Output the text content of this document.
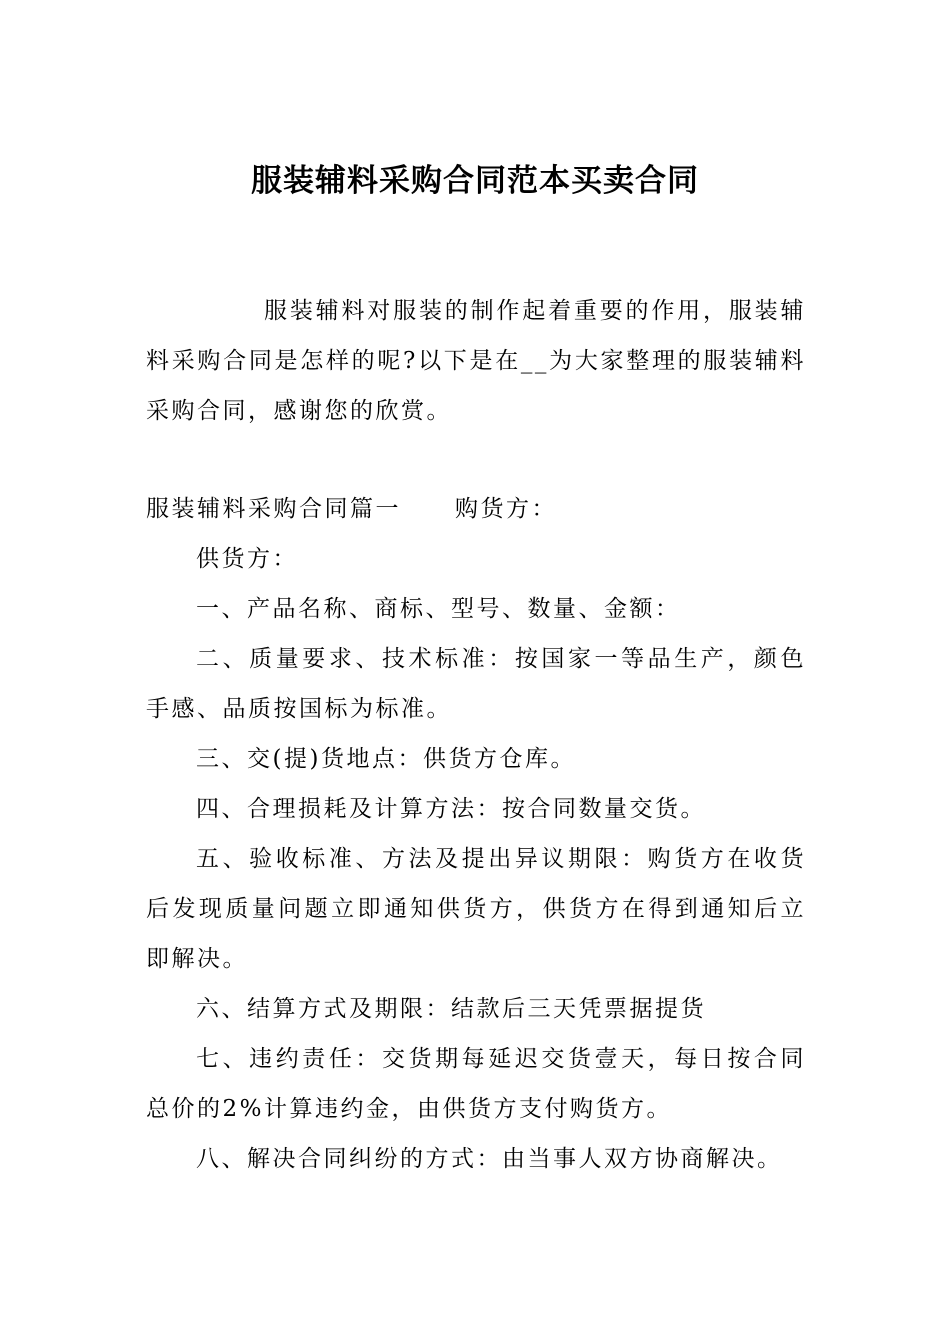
服装辅料采购合同范本买卖合同

服装辅料对服装的制作起着重要的作用，服装辅料采购合同是怎样的呢?以下是在__为大家整理的服装辅料采购合同，感谢您的欣赏。

服装辅料采购合同篇一 购货方：

供货方：

一、产品名称、商标、型号、数量、金额：

二、质量要求、技术标准：按国家一等品生产，颜色手感、品质按国标为标准。

三、交(提)货地点：供货方仓库。

四、合理损耗及计算方法：按合同数量交货。

五、验收标准、方法及提出异议期限：购货方在收货后发现质量问题立即通知供货方，供货方在得到通知后立即解决。

六、结算方式及期限：结款后三天凭票据提货

七、违约责任：交货期每延迟交货壹天，每日按合同总价的2%计算违约金，由供货方支付购货方。

八、解决合同纠纷的方式：由当事人双方协商解决。
